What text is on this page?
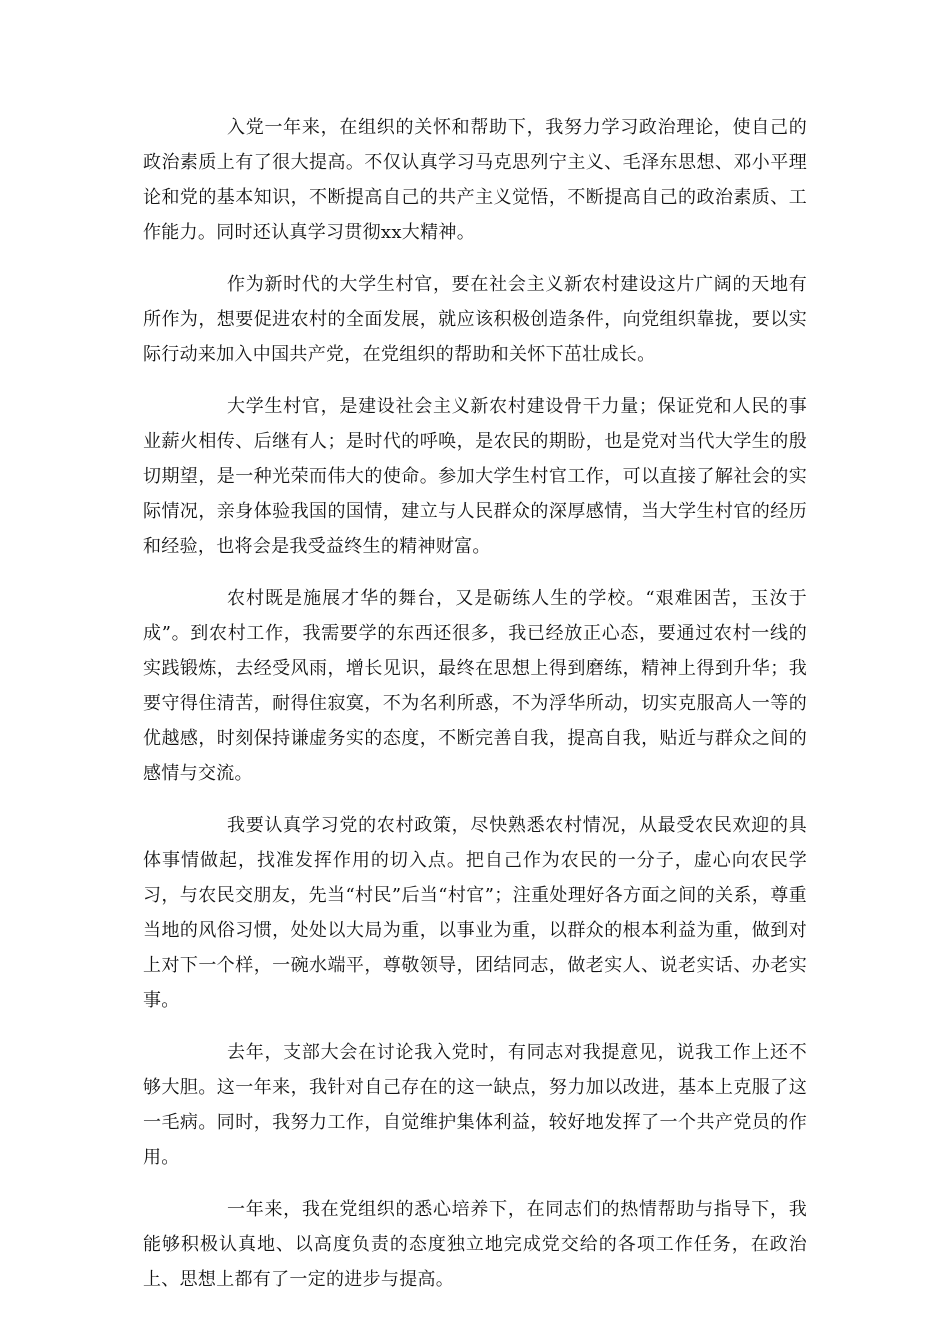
入党一年来，在组织的关怀和帮助下，我努力学习政治理论，使自己的政治素质上有了很大提高。不仅认真学习马克思列宁主义、毛泽东思想、邓小平理论和党的基本知识，不断提高自己的共产主义觉悟，不断提高自己的政治素质、工作能力。同时还认真学习贯彻xx大精神。

作为新时代的大学生村官，要在社会主义新农村建设这片广阔的天地有所作为，想要促进农村的全面发展，就应该积极创造条件，向党组织靠拢，要以实际行动来加入中国共产党，在党组织的帮助和关怀下茁壮成长。

大学生村官，是建设社会主义新农村建设骨干力量；保证党和人民的事业薪火相传、后继有人；是时代的呼唤，是农民的期盼，也是党对当代大学生的殷切期望，是一种光荣而伟大的使命。参加大学生村官工作，可以直接了解社会的实际情况，亲身体验我国的国情，建立与人民群众的深厚感情，当大学生村官的经历和经验，也将会是我受益终生的精神财富。

农村既是施展才华的舞台，又是砺练人生的学校。“艰难困苦，玉汝于成”。到农村工作，我需要学的东西还很多，我已经放正心态，要通过农村一线的实践锻炼，去经受风雨，增长见识，最终在思想上得到磨练，精神上得到升华；我要守得住清苦，耐得住寂寞，不为名利所惑，不为浮华所动，切实克服高人一等的优越感，时刻保持谦虚务实的态度，不断完善自我，提高自我，贴近与群众之间的感情与交流。

我要认真学习党的农村政策，尽快熟悉农村情况，从最受农民欢迎的具体事情做起，找准发挥作用的切入点。把自己作为农民的一分子，虚心向农民学习，与农民交朋友，先当“村民”后当“村官”；注重处理好各方面之间的关系，尊重当地的风俗习惯，处处以大局为重，以事业为重，以群众的根本利益为重，做到对上对下一个样，一碗水端平，尊敬领导，团结同志，做老实人、说老实话、办老实事。

去年，支部大会在讨论我入党时，有同志对我提意见，说我工作上还不够大胆。这一年来，我针对自己存在的这一缺点，努力加以改进，基本上克服了这一毛病。同时，我努力工作，自觉维护集体利益，较好地发挥了一个共产党员的作用。

一年来，我在党组织的悉心培养下，在同志们的热情帮助与指导下，我能够积极认真地、以高度负责的态度独立地完成党交给的各项工作任务，在政治上、思想上都有了一定的进步与提高。
